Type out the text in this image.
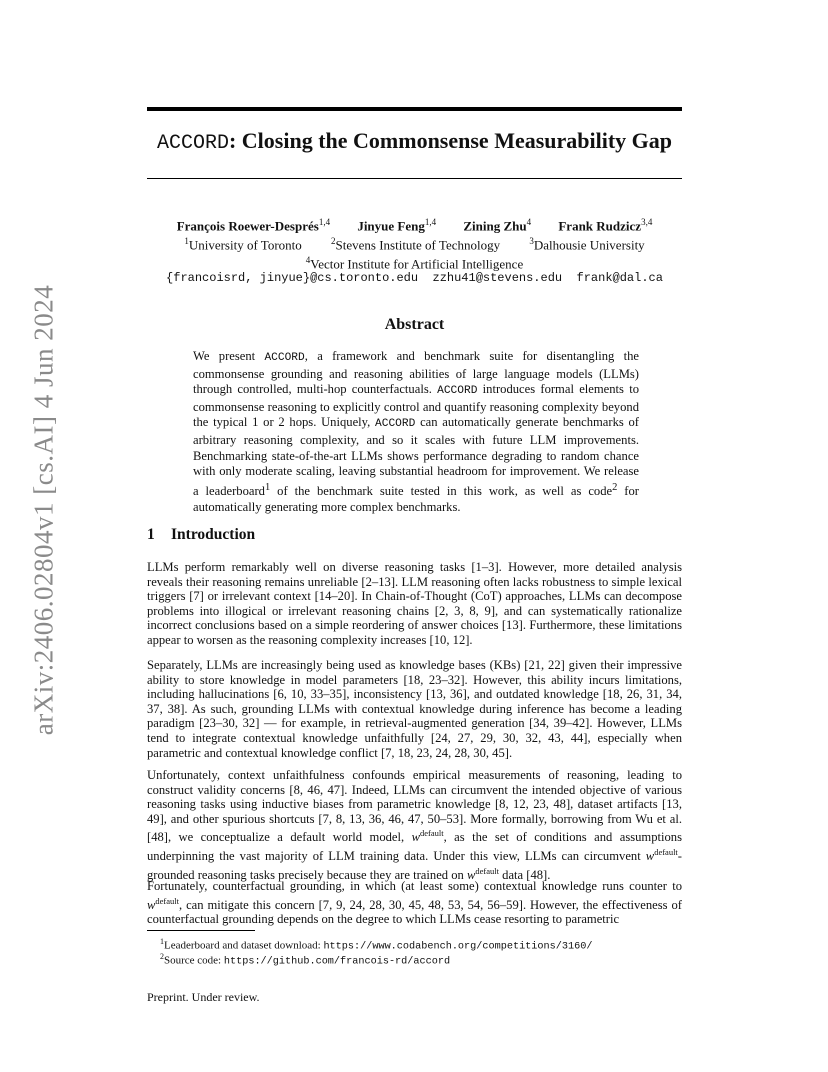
arXiv:2406.02804v1 [cs.AI] 4 Jun 2024
ACCORD: Closing the Commonsense Measurability Gap
François Roewer-Després$^{1,4}$ Jinyue Feng$^{1,4}$ Zining Zhu$^4$ Frank Rudzicz$^{3,4}$
$^1$University of Toronto	$^2$Stevens Institute of Technology	$^3$Dalhousie University
$^4$Vector Institute for Artificial Intelligence
{francoisrd, jinyue}@cs.toronto.edu  zzhu41@stevens.edu  frank@dal.ca
Abstract

We present ACCORD, a framework and benchmark suite for disentangling the commonsense grounding and reasoning abilities of large language models (LLMs) through controlled, multi-hop counterfactuals. ACCORD introduces formal elements to commonsense reasoning to explicitly control and quantify reasoning complexity beyond the typical 1 or 2 hops. Uniquely, ACCORD can automatically generate benchmarks of arbitrary reasoning complexity, and so it scales with future LLM improvements. Benchmarking state-of-the-art LLMs shows performance degrading to random chance with only moderate scaling, leaving substantial headroom for improvement. We release a leaderboard$^1$ of the benchmark suite tested in this work, as well as code$^2$ for automatically generating more complex benchmarks.

1 Introduction

LLMs perform remarkably well on diverse reasoning tasks [1–3]. However, more detailed analysis reveals their reasoning remains unreliable [2–13]. LLM reasoning often lacks robustness to simple lexical triggers [7] or irrelevant context [14–20]. In Chain-of-Thought (CoT) approaches, LLMs can decompose problems into illogical or irrelevant reasoning chains [2, 3, 8, 9], and can systematically rationalize incorrect conclusions based on a simple reordering of answer choices [13]. Furthermore, these limitations appear to worsen as the reasoning complexity increases [10, 12].

Separately, LLMs are increasingly being used as knowledge bases (KBs) [21, 22] given their impressive ability to store knowledge in model parameters [18, 23–32]. However, this ability incurs limitations, including hallucinations [6, 10, 33–35], inconsistency [13, 36], and outdated knowledge [18, 26, 31, 34, 37, 38]. As such, grounding LLMs with contextual knowledge during inference has become a leading paradigm [23–30, 32] — for example, in retrieval-augmented generation [34, 39–42]. However, LLMs tend to integrate contextual knowledge unfaithfully [24, 27, 29, 30, 32, 43, 44], especially when parametric and contextual knowledge conflict [7, 18, 23, 24, 28, 30, 45].

Unfortunately, context unfaithfulness confounds empirical measurements of reasoning, leading to construct validity concerns [8, 46, 47]. Indeed, LLMs can circumvent the intended objective of various reasoning tasks using inductive biases from parametric knowledge [8, 12, 23, 48], dataset artifacts [13, 49], and other spurious shortcuts [7, 8, 13, 36, 46, 47, 50–53]. More formally, borrowing from Wu et al. [48], we conceptualize a default world model, $w^{default}$, as the set of conditions and assumptions underpinning the vast majority of LLM training data. Under this view, LLMs can circumvent $w^{default}$-grounded reasoning tasks precisely because they are trained on $w^{default}$ data [48].

Fortunately, counterfactual grounding, in which (at least some) contextual knowledge runs counter to $w^{default}$, can mitigate this concern [7, 9, 24, 28, 30, 45, 48, 53, 54, 56–59]. However, the effectiveness of counterfactual grounding depends on the degree to which LLMs cease resorting to parametric

$^1$Leaderboard and dataset download: https://www.codabench.org/competitions/3160/

$^2$Source code: https://github.com/francois-rd/accord

Preprint. Under review.
